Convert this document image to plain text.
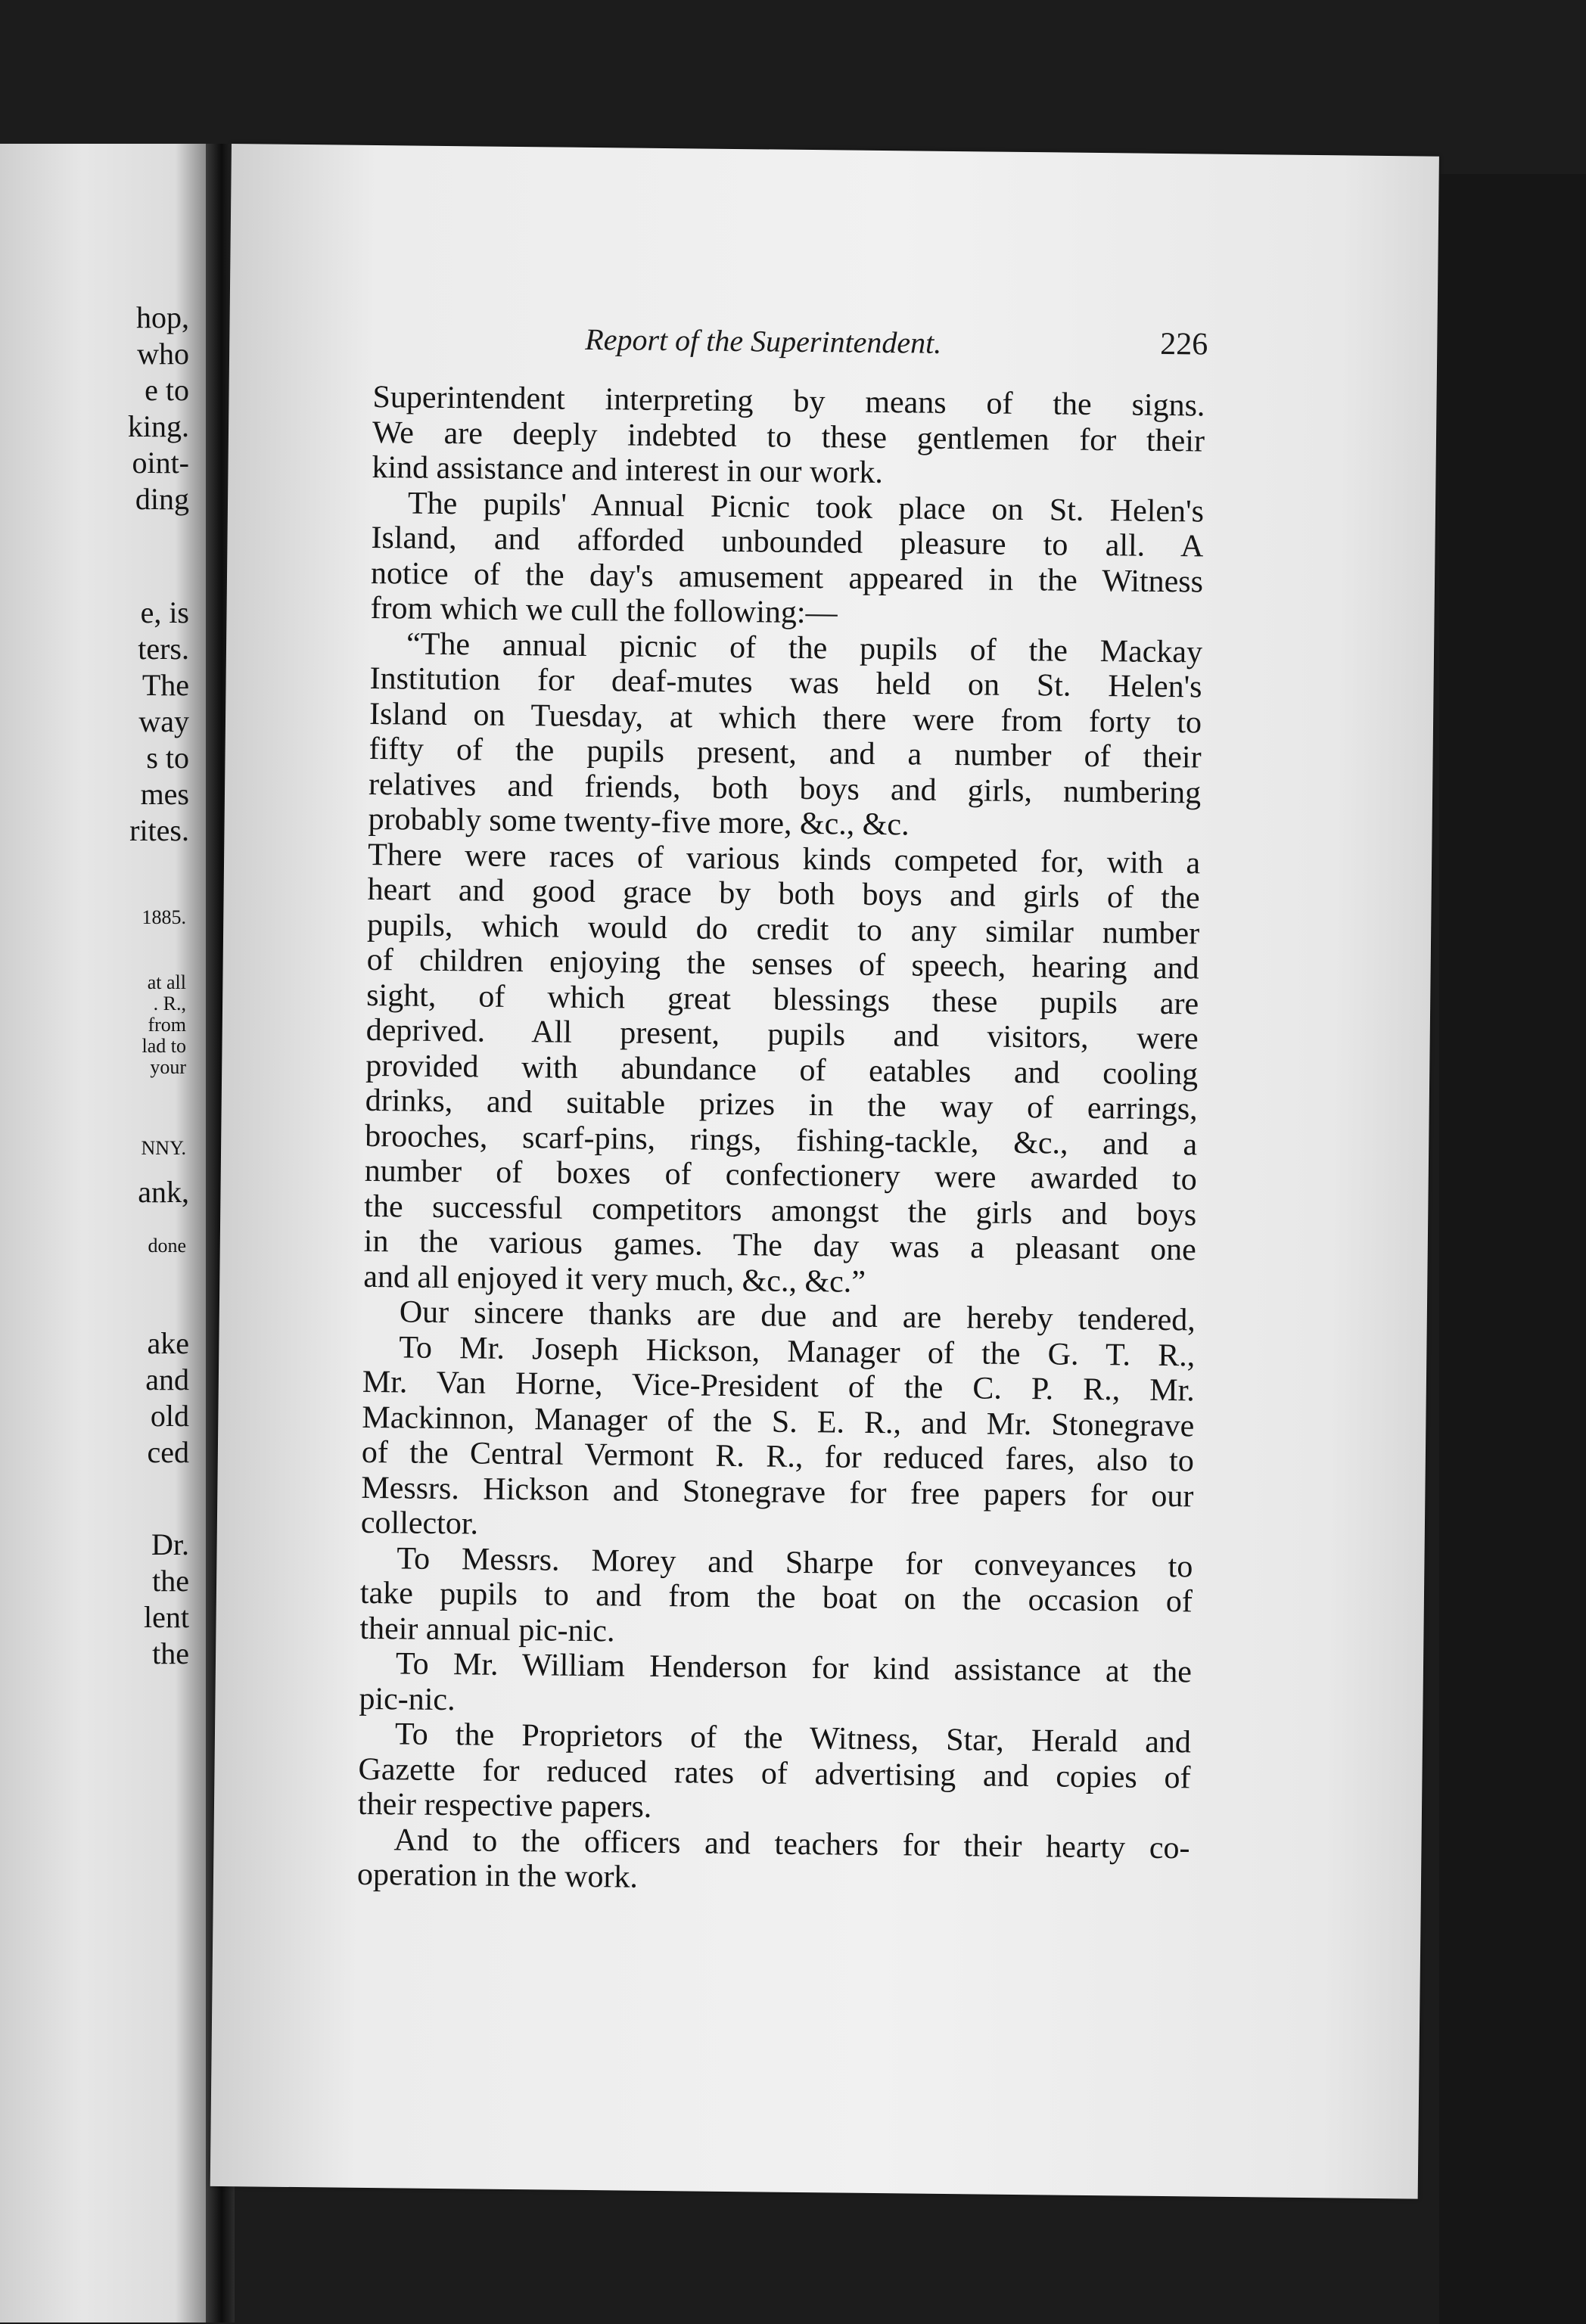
hop,
who
e to
king.
oint-
ding
e, is
ters.
The
way
s to
mes
rites.
1885.
at all
. R.,
from
lad to
your
NNY.
ank,
done
ake
and
old
ced
Dr.
the
lent
the
Report of the Superintendent.	226
Superintendent interpreting by means of the signs.
We are deeply indebted to these gentlemen for their
kind assistance and interest in our work.
The pupils' Annual Picnic took place on St. Helen's
Island, and afforded unbounded pleasure to all. A
notice of the day's amusement appeared in the Witness
from which we cull the following:—
“The annual picnic of the pupils of the Mackay
Institution for deaf-mutes was held on St. Helen's
Island on Tuesday, at which there were from forty to
fifty of the pupils present, and a number of their
relatives and friends, both boys and girls, numbering
probably some twenty-five more, &c., &c.
There were races of various kinds competed for, with a
heart and good grace by both boys and girls of the
pupils, which would do credit to any similar number
of children enjoying the senses of speech, hearing and
sight, of which great blessings these pupils are
deprived. All present, pupils and visitors, were
provided with abundance of eatables and cooling
drinks, and suitable prizes in the way of earrings,
brooches, scarf-pins, rings, fishing-tackle, &c., and a
number of boxes of confectionery were awarded to
the successful competitors amongst the girls and boys
in the various games. The day was a pleasant one
and all enjoyed it very much, &c., &c.”
Our sincere thanks are due and are hereby tendered,
To Mr. Joseph Hickson, Manager of the G. T. R.,
Mr. Van Horne, Vice-President of the C. P. R., Mr.
Mackinnon, Manager of the S. E. R., and Mr. Stonegrave
of the Central Vermont R. R., for reduced fares, also to
Messrs. Hickson and Stonegrave for free papers for our
collector.
To Messrs. Morey and Sharpe for conveyances to
take pupils to and from the boat on the occasion of
their annual pic-nic.
To Mr. William Henderson for kind assistance at the
pic-nic.
To the Proprietors of the Witness, Star, Herald and
Gazette for reduced rates of advertising and copies of
their respective papers.
And to the officers and teachers for their hearty co-
operation in the work.
